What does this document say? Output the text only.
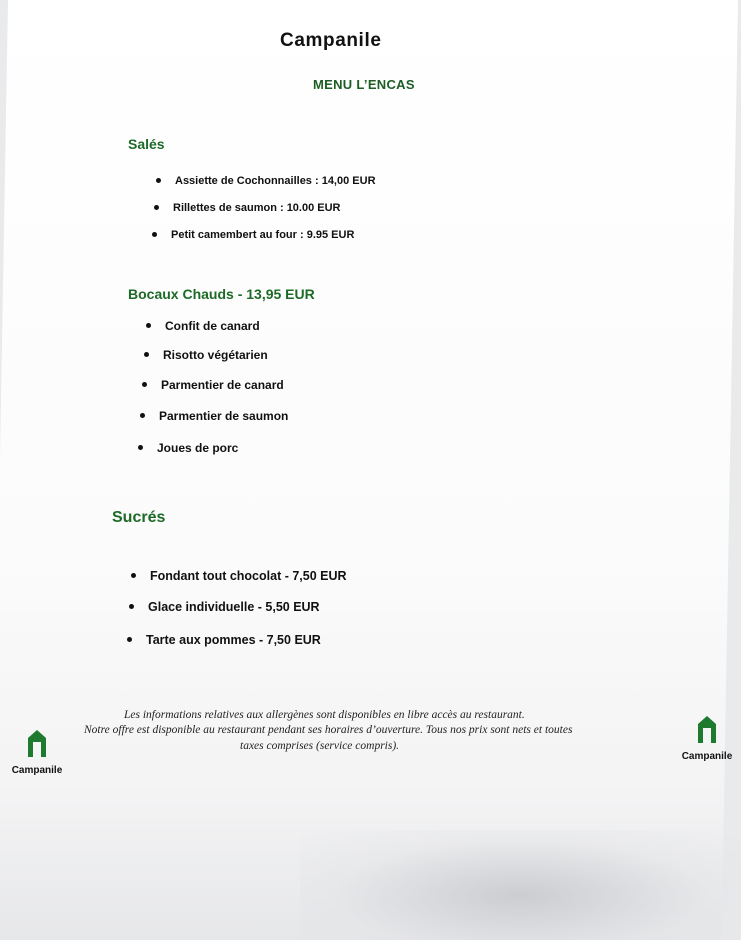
Campanile
MENU L’ENCAS
Salés
Assiette de Cochonnailles : 14,00 EUR
Rillettes de saumon : 10.00 EUR
Petit camembert au four : 9.95 EUR
Bocaux Chauds - 13,95 EUR
Confit de canard
Risotto végétarien
Parmentier de canard
Parmentier de saumon
Joues de porc
Sucrés
Fondant tout chocolat - 7,50 EUR
Glace individuelle - 5,50 EUR
Tarte aux pommes - 7,50 EUR
Les informations relatives aux allergènes sont disponibles en libre accès au restaurant.
Notre offre est disponible au restaurant pendant ses horaires d’ouverture. Tous nos prix sont nets et toutes
taxes comprises (service compris).
Campanile
Campanile
